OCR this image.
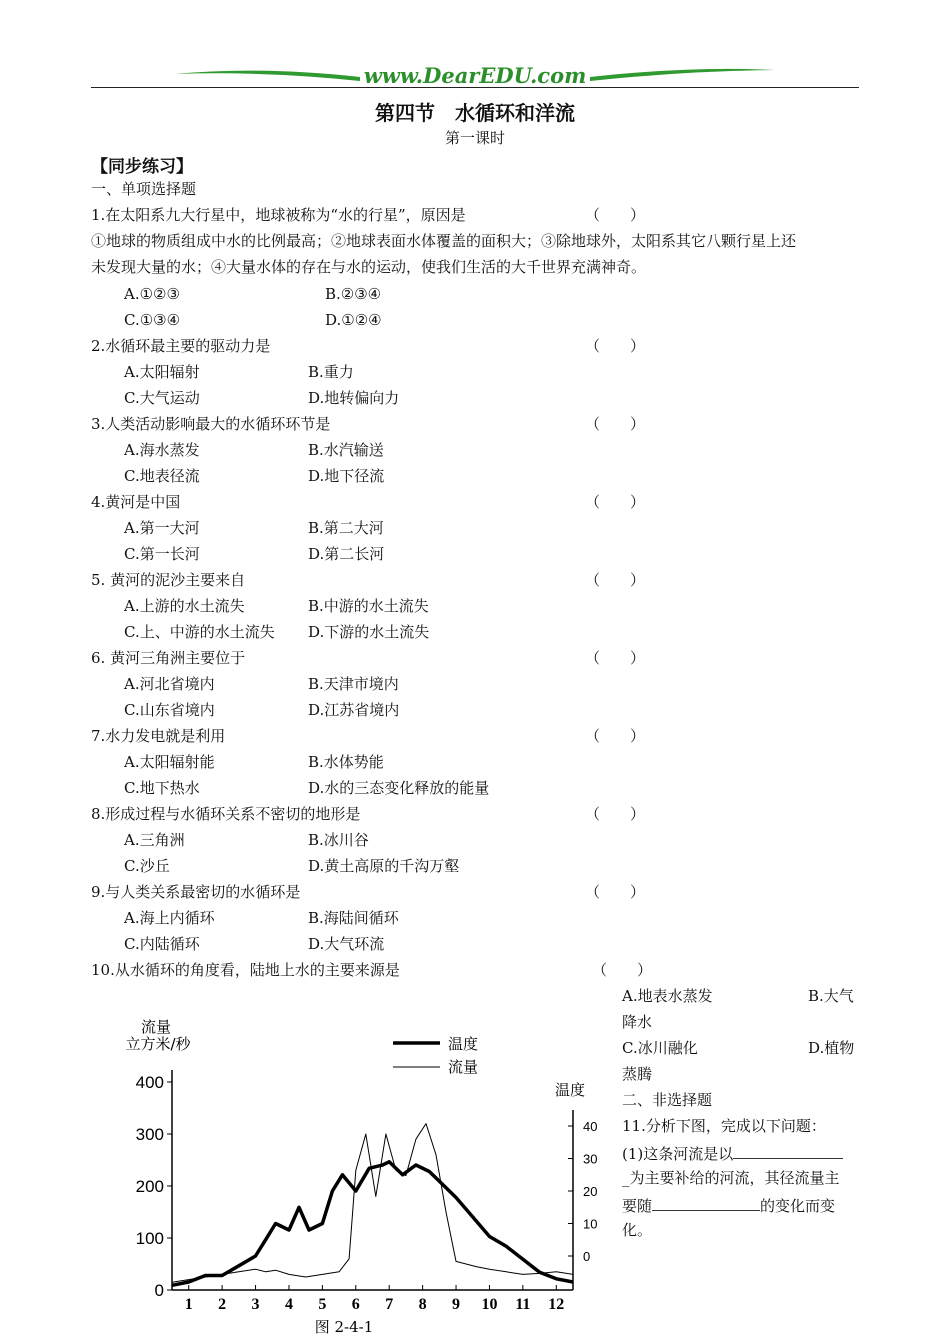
www.DearEDU.com
第四节　水循环和洋流
第一课时
【同步练习】
一、单项选择题
1.在太阳系九大行星中，地球被称为“水的行星”，原因是	（　　）
①地球的物质组成中水的比例最高；②地球表面水体覆盖的面积大；③除地球外，太阳系其它八颗行星上还
未发现大量的水；④大量水体的存在与水的运动，使我们生活的大千世界充满神奇。
A.①②③	B.②③④
C.①③④	D.①②④
2.水循环最主要的驱动力是	（　　）
A.太阳辐射	B.重力
C.大气运动	D.地转偏向力
3.人类活动影响最大的水循环环节是	（　　）
A.海水蒸发	B.水汽输送
C.地表径流	D.地下径流
4.黄河是中国	（　　）
A.第一大河	B.第二大河
C.第一长河	D.第二长河
5. 黄河的泥沙主要来自	（　　）
A.上游的水土流失	B.中游的水土流失
C.上、中游的水土流失 D.下游的水土流失
6. 黄河三角洲主要位于	（　　）
A.河北省境内	B.天津市境内
C.山东省境内	D.江苏省境内
7.水力发电就是利用	（　　）
A.太阳辐射能	B.水体势能
C.地下热水	D.水的三态变化释放的能量
8.形成过程与水循环关系不密切的地形是	（　　）
A.三角洲	B.冰川谷
C.沙丘	D.黄土高原的千沟万壑
9.与人类关系最密切的水循环是	（　　）
A.海上内循环	B.海陆间循环
C.内陆循环	D.大气环流
10.从水循环的角度看，陆地上水的主要来源是	（　　）
A.地表水蒸发	B.大气
降水
C.冰川融化	D.植物
蒸腾
二、非选择题
11.分析下图，完成以下问题：
(1)这条河流是以
_为主要补给的河流，其径流量主
要随	的变化而变
化。
0
100
200
300
400
0
10
20
30
40
1 2 3 4 5 6 7 8 9 10 11 12
流量
立方米/秒
温度
温度
流量
图 2-4-1
